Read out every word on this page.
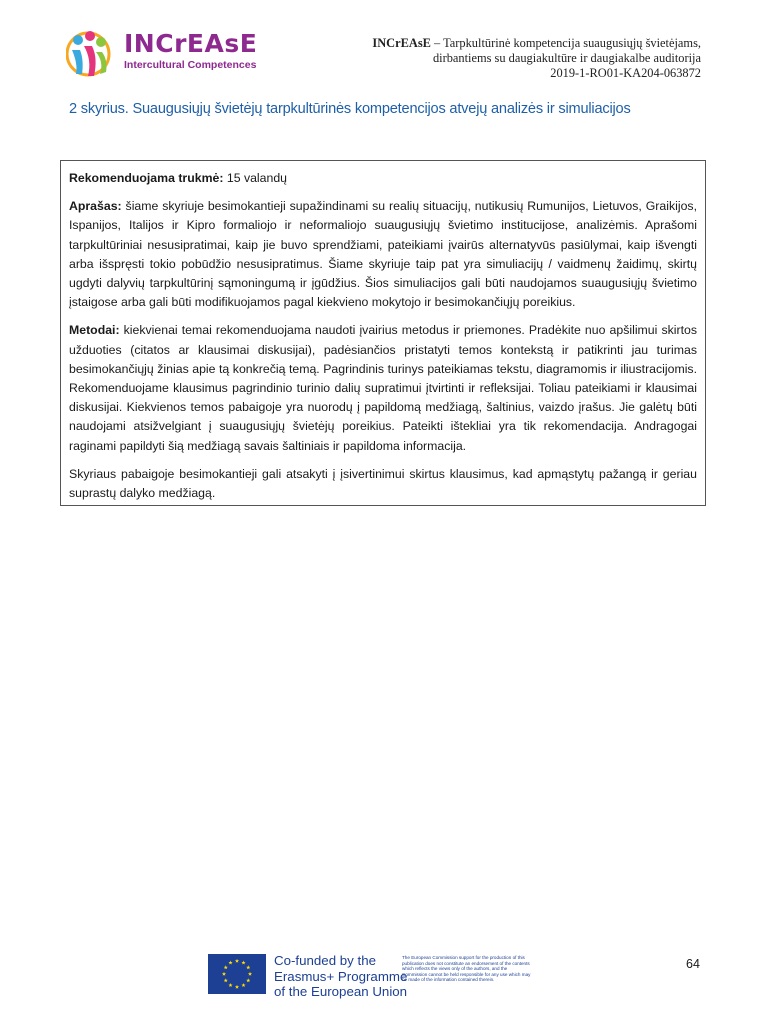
INCrEAsE
Intercultural Competences
INCrEAsE – Tarpkultūrinė kompetencija suaugusiųjų švietėjams,
dirbantiems su daugiakultūre ir daugiakalbe auditorija
2019-1-RO01-KA204-063872
2 skyrius. Suaugusiųjų švietėjų tarpkultūrinės kompetencijos atvejų analizės ir simuliacijos

Rekomenduojama trukmė: 15 valandų

Aprašas: šiame skyriuje besimokantieji supažindinami su realių situacijų, nutikusių Rumunijos, Lietuvos, Graikijos, Ispanijos, Italijos ir Kipro formaliojo ir neformaliojo suaugusiųjų švietimo institucijose, analizėmis. Aprašomi tarpkultūriniai nesusipratimai, kaip jie buvo sprendžiami, pateikiami įvairūs alternatyvūs pasiūlymai, kaip išvengti arba išspręsti tokio pobūdžio nesusipratimus. Šiame skyriuje taip pat yra simuliacijų / vaidmenų žaidimų, skirtų ugdyti dalyvių tarpkultūrinį sąmoningumą ir įgūdžius. Šios simuliacijos gali būti naudojamos suaugusiųjų švietimo įstaigose arba gali būti modifikuojamos pagal kiekvieno mokytojo ir besimokančiųjų poreikius.

Metodai: kiekvienai temai rekomenduojama naudoti įvairius metodus ir priemones. Pradėkite nuo apšilimui skirtos užduoties (citatos ar klausimai diskusijai), padėsiančios pristatyti temos kontekstą ir patikrinti jau turimas besimokančiųjų žinias apie tą konkrečią temą. Pagrindinis turinys pateikiamas tekstu, diagramomis ir iliustracijomis. Rekomenduojame klausimus pagrindinio turinio dalių supratimui įtvirtinti ir refleksijai. Toliau pateikiami ir klausimai diskusijai. Kiekvienos temos pabaigoje yra nuorodų į papildomą medžiagą, šaltinius, vaizdo įrašus. Jie galėtų būti naudojami atsižvelgiant į suaugusiųjų švietėjų poreikius. Pateikti ištekliai yra tik rekomendacija. Andragogai raginami papildyti šią medžiagą savais šaltiniais ir papildoma informacija.

Skyriaus pabaigoje besimokantieji gali atsakyti į įsivertinimui skirtus klausimus, kad apmąstytų pažangą ir geriau suprastų dalyko medžiagą.

Co-funded by the
Erasmus+ Programme
of the European Union
The European Commission support for the production of this publication does not constitute an endorsement of the contents which reflects the views only of the authors, and the Commission cannot be held responsible for any use which may be made of the information contained therein.
64
